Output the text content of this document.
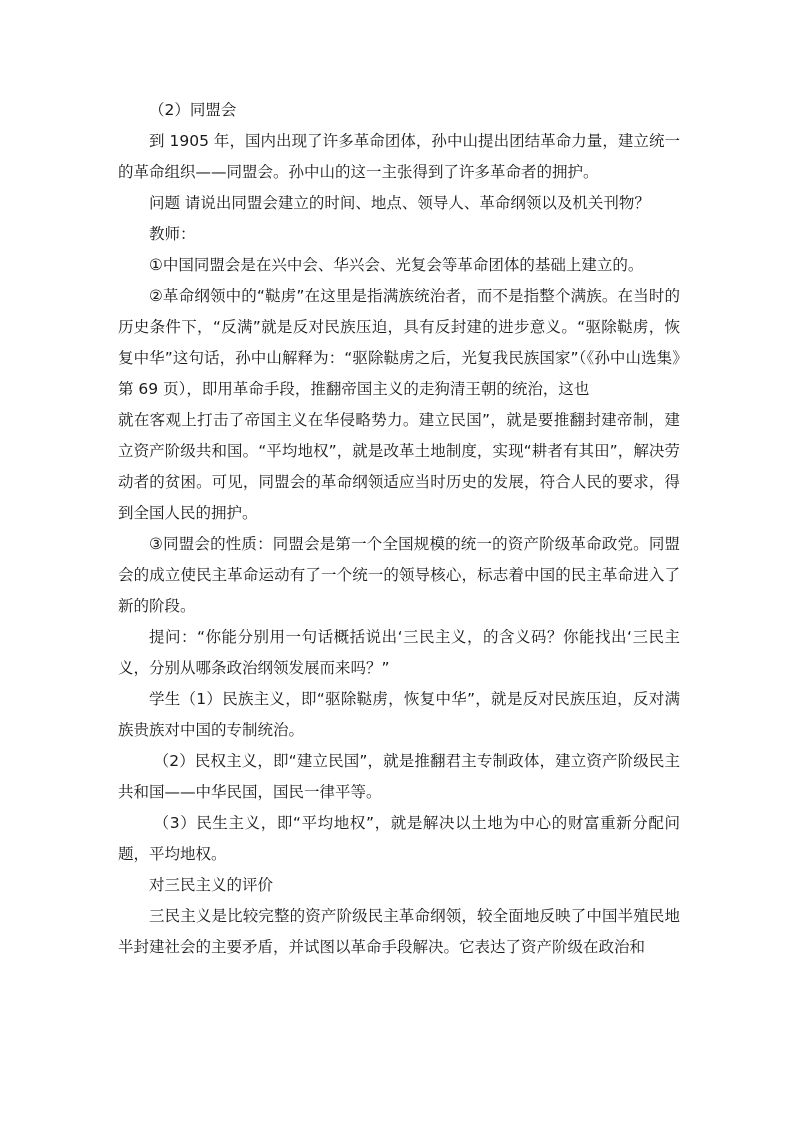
（2）同盟会

到 1905 年，国内出现了许多革命团体，孙中山提出团结革命力量，建立统一的革命组织——同盟会。孙中山的这一主张得到了许多革命者的拥护。

问题 请说出同盟会建立的时间、地点、领导人、革命纲领以及机关刊物？

教师：

①中国同盟会是在兴中会、华兴会、光复会等革命团体的基础上建立的。

②革命纲领中的“鞑虏”在这里是指满族统治者，而不是指整个满族。在当时的历史条件下，“反满”就是反对民族压迫，具有反封建的进步意义。“驱除鞑虏，恢复中华”这句话，孙中山解释为：“驱除鞑虏之后，光复我民族国家”（《孙中山选集》第 69 页），即用革命手段，推翻帝国主义的走狗清王朝的统治，这也

就在客观上打击了帝国主义在华侵略势力。建立民国”，就是要推翻封建帝制，建立资产阶级共和国。“平均地权”，就是改革土地制度，实现“耕者有其田”，解决劳动者的贫困。可见，同盟会的革命纲领适应当时历史的发展，符合人民的要求，得到全国人民的拥护。

③同盟会的性质：同盟会是第一个全国规模的统一的资产阶级革命政党。同盟会的成立使民主革命运动有了一个统一的领导核心，标志着中国的民主革命进入了新的阶段。

提问：“你能分别用一句话概括说出‘三民主义，的含义码？你能找出‘三民主义，分别从哪条政治纲领发展而来吗？”

学生（1）民族主义，即“驱除鞑虏，恢复中华”，就是反对民族压迫，反对满族贵族对中国的专制统治。

（2）民权主义，即“建立民国”，就是推翻君主专制政体，建立资产阶级民主共和国——中华民国，国民一律平等。

（3）民生主义，即“平均地权”，就是解决以土地为中心的财富重新分配问题，平均地权。

对三民主义的评价

三民主义是比较完整的资产阶级民主革命纲领，较全面地反映了中国半殖民地半封建社会的主要矛盾，并试图以革命手段解决。它表达了资产阶级在政治和
